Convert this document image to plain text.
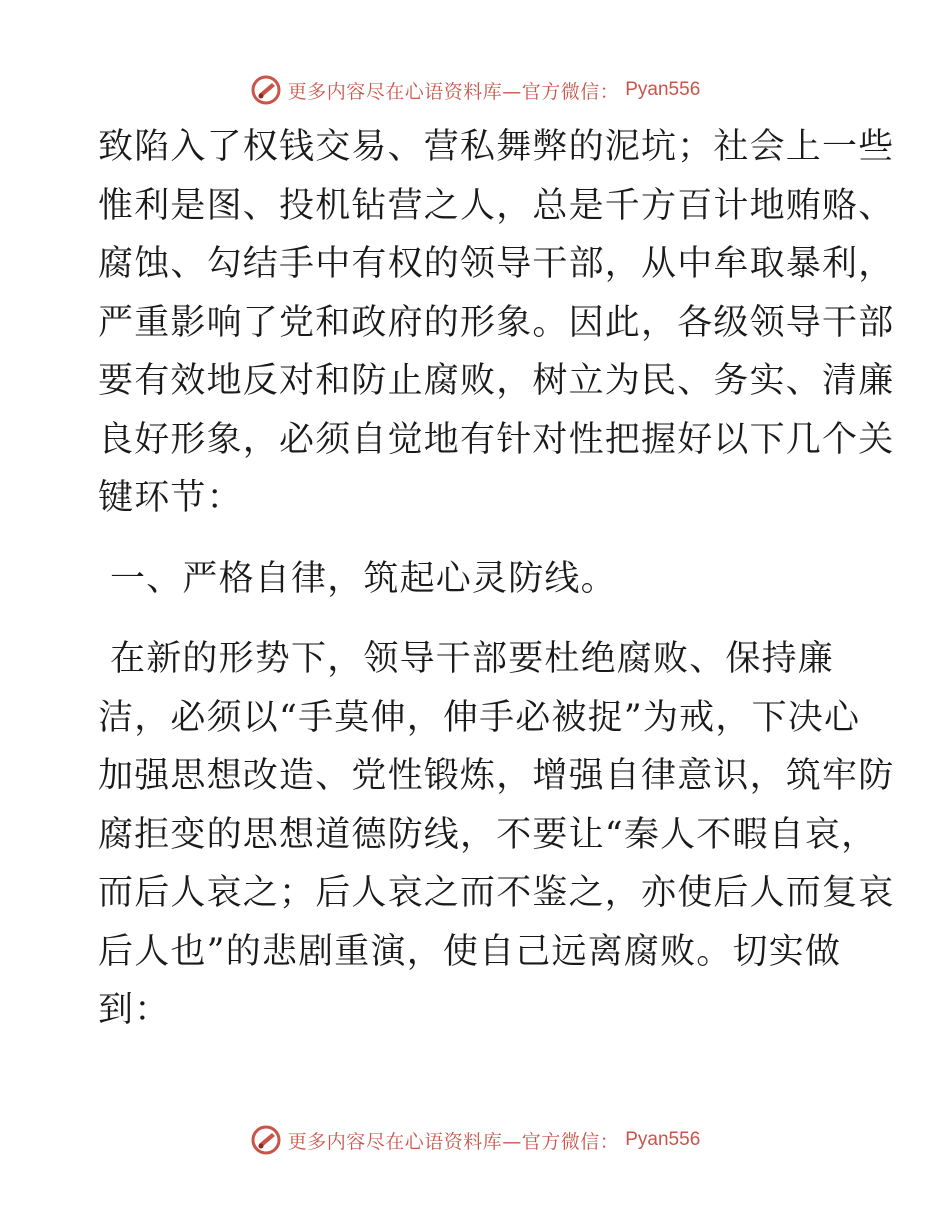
更多内容尽在心语资料库—官方微信： Pyan556
致陷入了权钱交易、营私舞弊的泥坑；社会上一些
惟利是图、投机钻营之人，总是千方百计地贿赂、
腐蚀、勾结手中有权的领导干部，从中牟取暴利，
严重影响了党和政府的形象。因此，各级领导干部
要有效地反对和防止腐败，树立为民、务实、清廉
良好形象，必须自觉地有针对性把握好以下几个关
键环节：
一、严格自律，筑起心灵防线。
在新的形势下，领导干部要杜绝腐败、保持廉
洁，必须以“手莫伸，伸手必被捉”为戒，下决心
加强思想改造、党性锻炼，增强自律意识，筑牢防
腐拒变的思想道德防线，不要让“秦人不暇自哀，
而后人哀之；后人哀之而不鉴之，亦使后人而复哀
后人也”的悲剧重演，使自己远离腐败。切实做
到：
更多内容尽在心语资料库—官方微信： Pyan556
